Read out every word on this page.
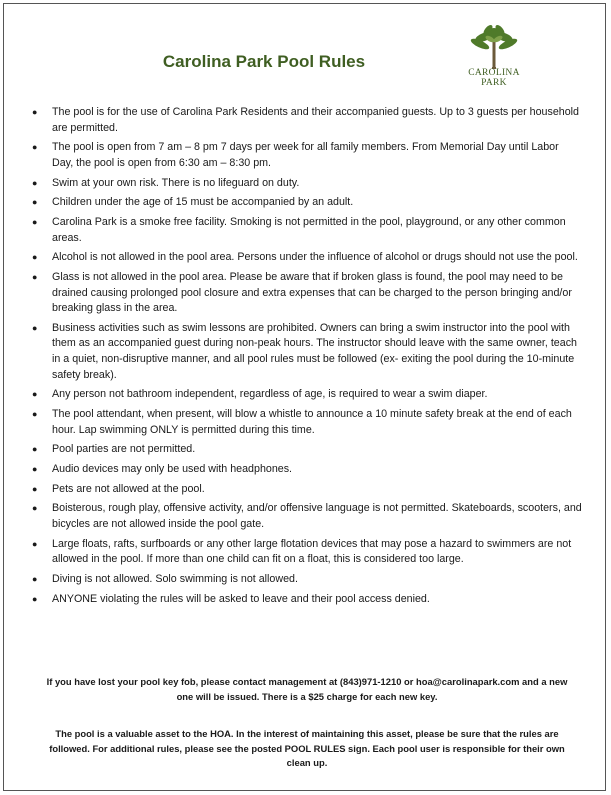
Carolina Park Pool Rules
CAROLINA PARK
● The pool is for the use of Carolina Park Residents and their accompanied guests. Up to 3 guests per household are permitted.
● The pool is open from 7 am – 8 pm 7 days per week for all family members. From Memorial Day until Labor Day, the pool is open from 6:30 am – 8:30 pm.
● Swim at your own risk. There is no lifeguard on duty.
● Children under the age of 15 must be accompanied by an adult.
● Carolina Park is a smoke free facility. Smoking is not permitted in the pool, playground, or any other common areas.
● Alcohol is not allowed in the pool area. Persons under the influence of alcohol or drugs should not use the pool.
● Glass is not allowed in the pool area. Please be aware that if broken glass is found, the pool may need to be drained causing prolonged pool closure and extra expenses that can be charged to the person bringing and/or breaking glass in the area.
● Business activities such as swim lessons are prohibited. Owners can bring a swim instructor into the pool with them as an accompanied guest during non-peak hours. The instructor should leave with the same owner, teach in a quiet, non-disruptive manner, and all pool rules must be followed (ex- exiting the pool during the 10-minute safety break).
● Any person not bathroom independent, regardless of age, is required to wear a swim diaper.
● The pool attendant, when present, will blow a whistle to announce a 10 minute safety break at the end of each hour. Lap swimming ONLY is permitted during this time.
● Pool parties are not permitted.
● Audio devices may only be used with headphones.
● Pets are not allowed at the pool.
● Boisterous, rough play, offensive activity, and/or offensive language is not permitted. Skateboards, scooters, and bicycles are not allowed inside the pool gate.
● Large floats, rafts, surfboards or any other large flotation devices that may pose a hazard to swimmers are not allowed in the pool. If more than one child can fit on a float, this is considered too large.
● Diving is not allowed. Solo swimming is not allowed.
● ANYONE violating the rules will be asked to leave and their pool access denied.

If you have lost your pool key fob, please contact management at (843)971-1210 or hoa@carolinapark.com and a new one will be issued. There is a $25 charge for each new key.

The pool is a valuable asset to the HOA. In the interest of maintaining this asset, please be sure that the rules are followed. For additional rules, please see the posted POOL RULES sign. Each pool user is responsible for their own clean up.
